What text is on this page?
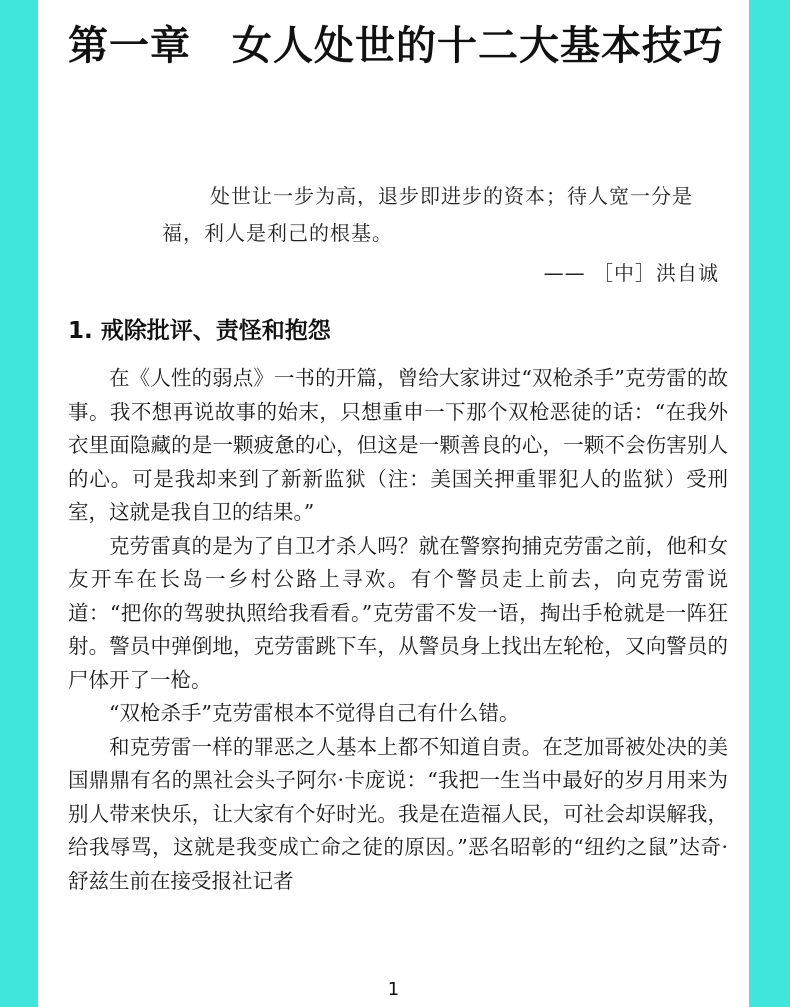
第一章　女人处世的十二大基本技巧

处世让一步为高，退步即进步的资本；待人宽一分是福，利人是利己的根基。

—— ［中］洪自诚
1. 戒除批评、责怪和抱怨

在《人性的弱点》一书的开篇，曾给大家讲过“双枪杀手”克劳雷的故事。我不想再说故事的始末，只想重申一下那个双枪恶徒的话：“在我外衣里面隐藏的是一颗疲惫的心，但这是一颗善良的心，一颗不会伤害别人的心。可是我却来到了新新监狱（注：美国关押重罪犯人的监狱）受刑室，这就是我自卫的结果。”

克劳雷真的是为了自卫才杀人吗？就在警察拘捕克劳雷之前，他和女友开车在长岛一乡村公路上寻欢。有个警员走上前去，向克劳雷说道：“把你的驾驶执照给我看看。”克劳雷不发一语，掏出手枪就是一阵狂射。警员中弹倒地，克劳雷跳下车，从警员身上找出左轮枪，又向警员的尸体开了一枪。

“双枪杀手”克劳雷根本不觉得自己有什么错。

和克劳雷一样的罪恶之人基本上都不知道自责。在芝加哥被处决的美国鼎鼎有名的黑社会头子阿尔·卡庞说：“我把一生当中最好的岁月用来为别人带来快乐，让大家有个好时光。我是在造福人民，可社会却误解我，给我辱骂，这就是我变成亡命之徒的原因。”恶名昭彰的“纽约之鼠”达奇·舒兹生前在接受报社记者

1
